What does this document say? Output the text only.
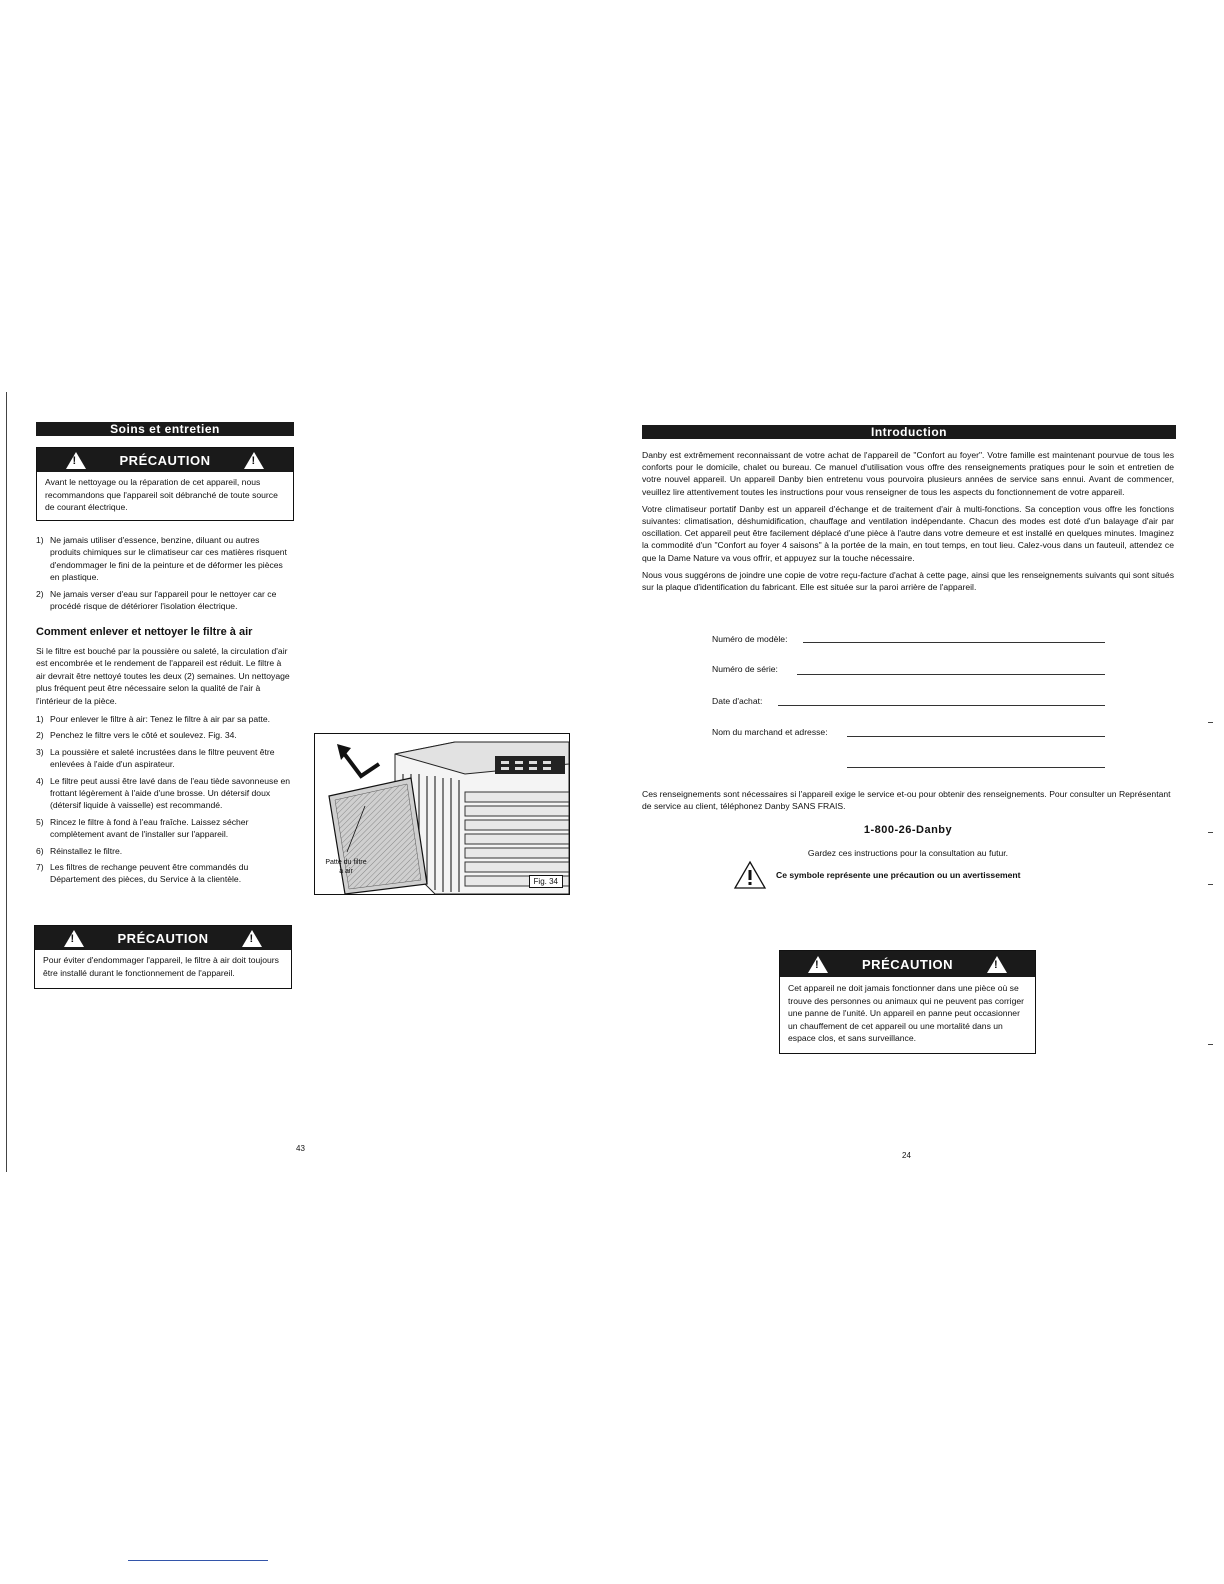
Soins et entretien
!
PRÉCAUTION
!
Avant le nettoyage ou la réparation de cet appareil, nous recommandons que l'appareil soit débranché de toute source de courant électrique.
1) Ne jamais utiliser d'essence, benzine, diluant ou autres produits chimiques sur le climatiseur car ces matières risquent d'endommager le fini de la peinture et de déformer les pièces en plastique.
2) Ne jamais verser d'eau sur l'appareil pour le nettoyer car ce procédé risque de détériorer l'isolation électrique.
Comment enlever et nettoyer le filtre à air
Si le filtre est bouché par la poussière ou saleté, la circulation d'air est encombrée et le rendement de l'appareil est réduit. Le filtre à air devrait être nettoyé toutes les deux (2) semaines. Un nettoyage plus fréquent peut être nécessaire selon la qualité de l'air à l'intérieur de la pièce.
1) Pour enlever le filtre à air: Tenez le filtre à air par sa patte.
2) Penchez le filtre vers le côté et soulevez. Fig. 34.
3) La poussière et saleté incrustées dans le filtre peuvent être enlevées à l'aide d'un aspirateur.
4) Le filtre peut aussi être lavé dans de l'eau tiède savonneuse en frottant légèrement à l'aide d'une brosse. Un détersif doux (détersif liquide à vaisselle) est recommandé.
5) Rincez le filtre à fond à l'eau fraîche. Laissez sécher complètement avant de l'installer sur l'appareil.
6) Réinstallez le filtre.
7) Les filtres de rechange peuvent être commandés du Département des pièces, du Service à la clientèle.
!
PRÉCAUTION
!
Pour éviter d'endommager l'appareil, le filtre à air doit toujours être installé durant le fonctionnement de l'appareil.
Patte du filtre
à air
Fig. 34
43
Introduction

Danby est extrêmement reconnaissant de votre achat de l'appareil de "Confort au foyer". Votre famille est maintenant pourvue de tous les conforts pour le domicile, chalet ou bureau. Ce manuel d'utilisation vous offre des renseignements pratiques pour le soin et entretien de votre nouvel appareil. Un appareil Danby bien entretenu vous pourvoira plusieurs années de service sans ennui. Avant de commencer, veuillez lire attentivement toutes les instructions pour vous renseigner de tous les aspects du fonctionnement de votre appareil.

Votre climatiseur portatif Danby est un appareil d'échange et de traitement d'air à multi-fonctions. Sa conception vous offre les fonctions suivantes: climatisation, déshumidification, chauffage and ventilation indépendante. Chacun des modes est doté d'un balayage d'air par oscillation. Cet appareil peut être facilement déplacé d'une pièce à l'autre dans votre demeure et est installé en quelques minutes. Imaginez la commodité d'un "Confort au foyer 4 saisons" à la portée de la main, en tout temps, en tout lieu. Calez-vous dans un fauteuil, attendez ce que la Dame Nature va vous offrir, et appuyez sur la touche nécessaire.

Nous vous suggérons de joindre une copie de votre reçu-facture d'achat à cette page, ainsi que les renseignements suivants qui sont situés sur la plaque d'identification du fabricant. Elle est située sur la paroi arrière de l'appareil.

Numéro de modèle:
Numéro de série:
Date d'achat:
Nom du marchand et adresse:
Ces renseignements sont nécessaires si l'appareil exige le service et-ou pour obtenir des renseignements. Pour consulter un Représentant de service au client, téléphonez Danby SANS FRAIS.
1-800-26-Danby
Gardez ces instructions pour la consultation au futur.
Ce symbole représente une précaution ou un avertissement
!
PRÉCAUTION
!
Cet appareil ne doit jamais fonctionner dans une pièce où se trouve des personnes ou animaux qui ne peuvent pas corriger une panne de l'unité. Un appareil en panne peut occasionner un chauffement de cet appareil ou une mortalité dans un espace clos, et sans surveillance.
24
